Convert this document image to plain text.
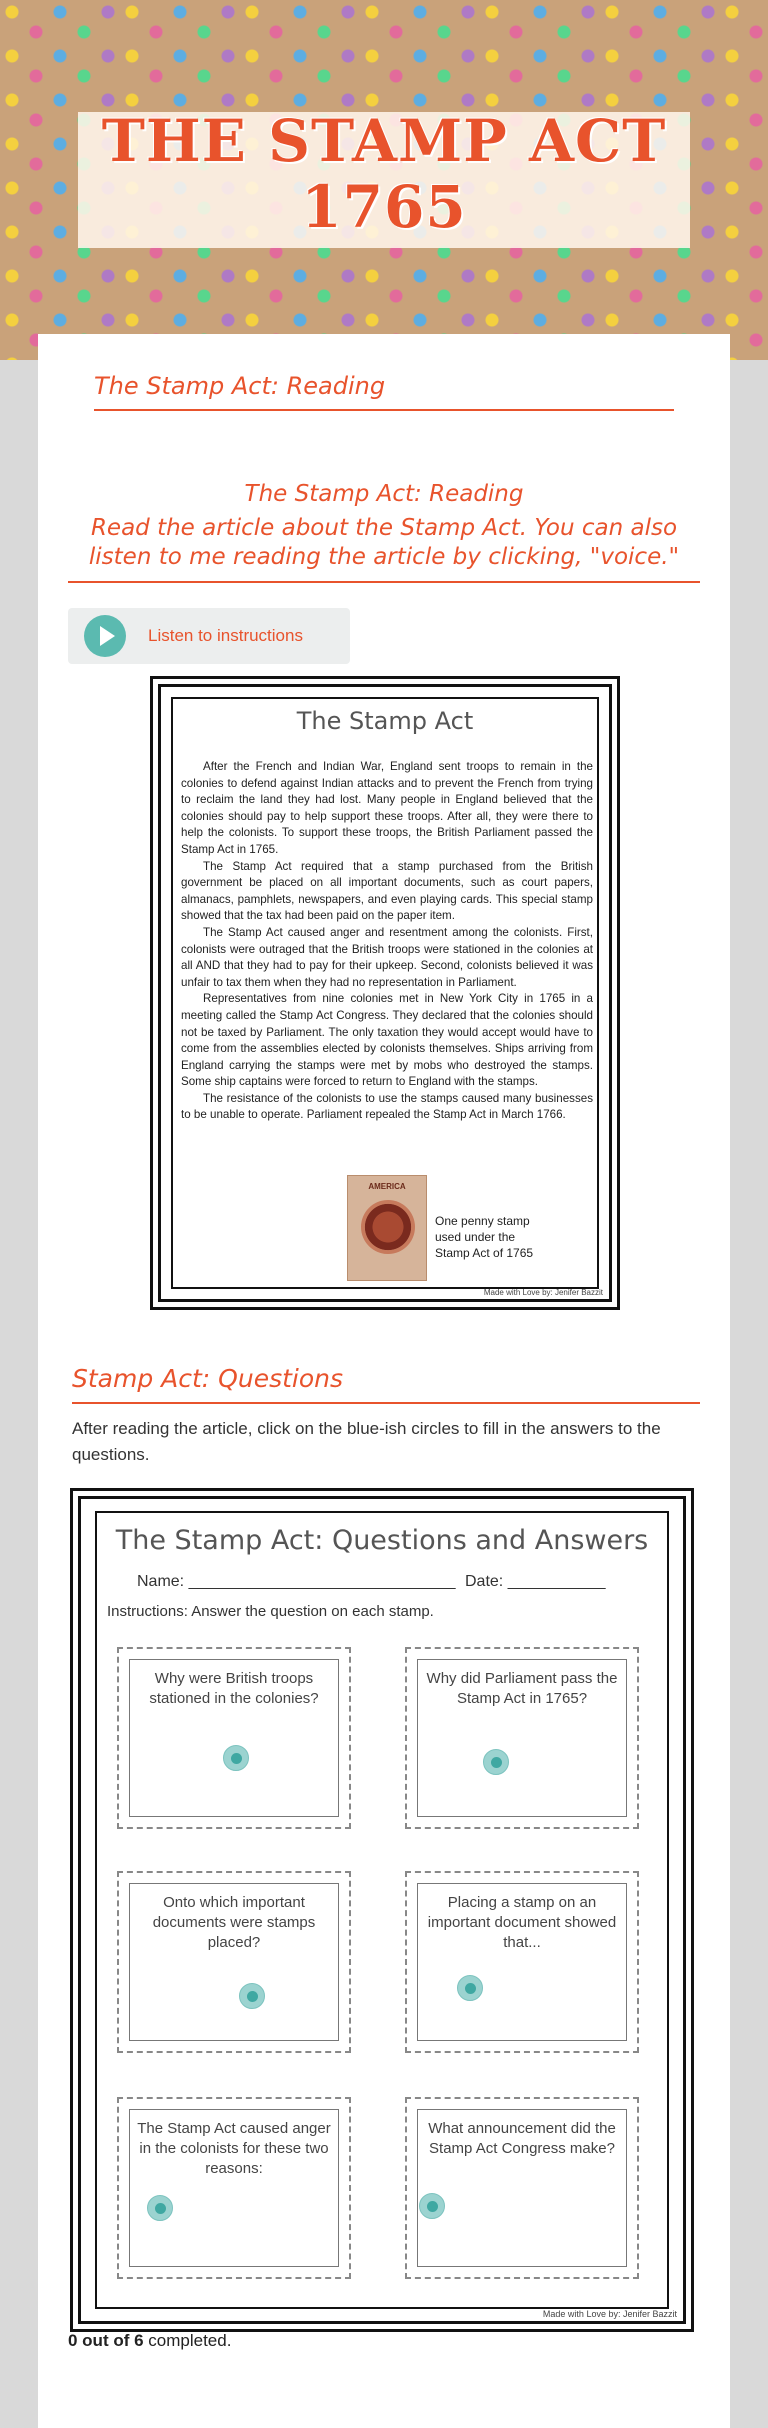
THE STAMP ACT 1765
The Stamp Act: Reading
The Stamp Act: Reading
Read the article about the Stamp Act. You can also listen to me reading the article by clicking, "voice."
Listen to instructions
The Stamp Act

After the French and Indian War, England sent troops to remain in the colonies to defend against Indian attacks and to prevent the French from trying to reclaim the land they had lost. Many people in England believed that the colonies should pay to help support these troops. After all, they were there to help the colonists. To support these troops, the British Parliament passed the Stamp Act in 1765.

The Stamp Act required that a stamp purchased from the British government be placed on all important documents, such as court papers, almanacs, pamphlets, newspapers, and even playing cards. This special stamp showed that the tax had been paid on the paper item.

The Stamp Act caused anger and resentment among the colonists. First, colonists were outraged that the British troops were stationed in the colonies at all AND that they had to pay for their upkeep. Second, colonists believed it was unfair to tax them when they had no representation in Parliament.

Representatives from nine colonies met in New York City in 1765 in a meeting called the Stamp Act Congress. They declared that the colonies should not be taxed by Parliament. The only taxation they would accept would have to come from the assemblies elected by colonists themselves. Ships arriving from England carrying the stamps were met by mobs who destroyed the stamps. Some ship captains were forced to return to England with the stamps.

The resistance of the colonists to use the stamps caused many businesses to be unable to operate. Parliament repealed the Stamp Act in March 1766.

AMERICA
One penny stamp used under the Stamp Act of 1765
Made with Love by: Jenifer Bazzit
Stamp Act: Questions
After reading the article, click on the blue-ish circles to fill in the answers to the questions.
The Stamp Act: Questions and Answers
Name: ______________________________ Date: ___________
Instructions: Answer the question on each stamp.
Why were British troops stationed in the colonies?
Why did Parliament pass the Stamp Act in 1765?
Onto which important documents were stamps placed?
Placing a stamp on an important document showed that...
The Stamp Act caused anger in the colonists for these two reasons:
What announcement did the Stamp Act Congress make?
Made with Love by: Jenifer Bazzit
0 out of 6 completed.
